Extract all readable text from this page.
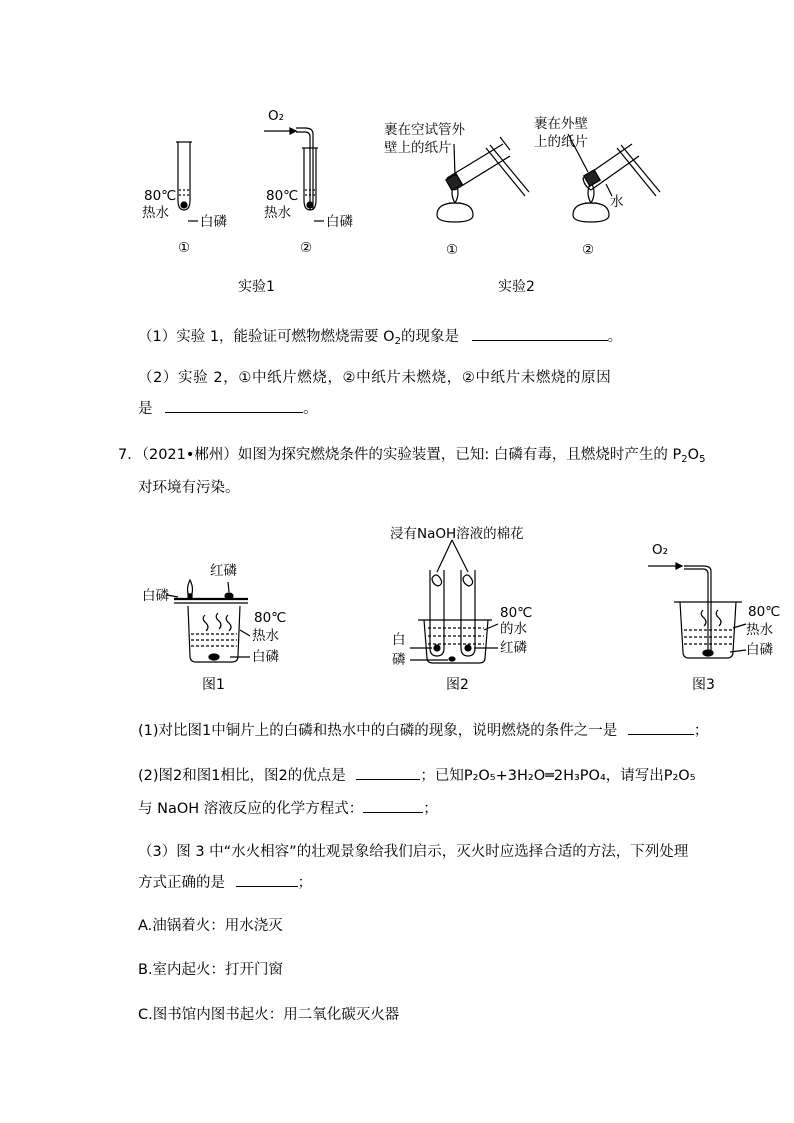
O₂
80℃
热水
白磷
①
80℃
热水
白磷
②
实验1
裹在空试管外
壁上的纸片
①
裹在外壁
上的纸片
水
②
实验2
（1）实验 1，能验证可燃物燃烧需要 $O_2$的现象是	。
（2）实验 2，①中纸片燃烧，②中纸片未燃烧，②中纸片未燃烧的原因
是	。
7．（2021•郴州）如图为探究燃烧条件的实验装置，已知: 白磷有毒，且燃烧时产生的 $P_2O_5$
对环境有污染。
白磷
红磷
80℃
热水
白磷
图1
浸有NaOH溶液的棉花
80℃
的水
白
磷
红磷
图2
O₂
80℃
热水
白磷
图3
(1)对比图1中铜片上的白磷和热水中的白磷的现象，说明燃烧的条件之一是	；
(2)图2和图1相比，图2的优点是	；已知P₂O₅+3H₂O═2H₃PO₄，请写出P₂O₅
与 NaOH 溶液反应的化学方程式：	；
（3）图 3 中“水火相容”的壮观景象给我们启示，灭火时应选择合适的方法，下列处理
方式正确的是	；
A.油锅着火：用水浇灭
B.室内起火：打开门窗
C.图书馆内图书起火：用二氧化碳灭火器
